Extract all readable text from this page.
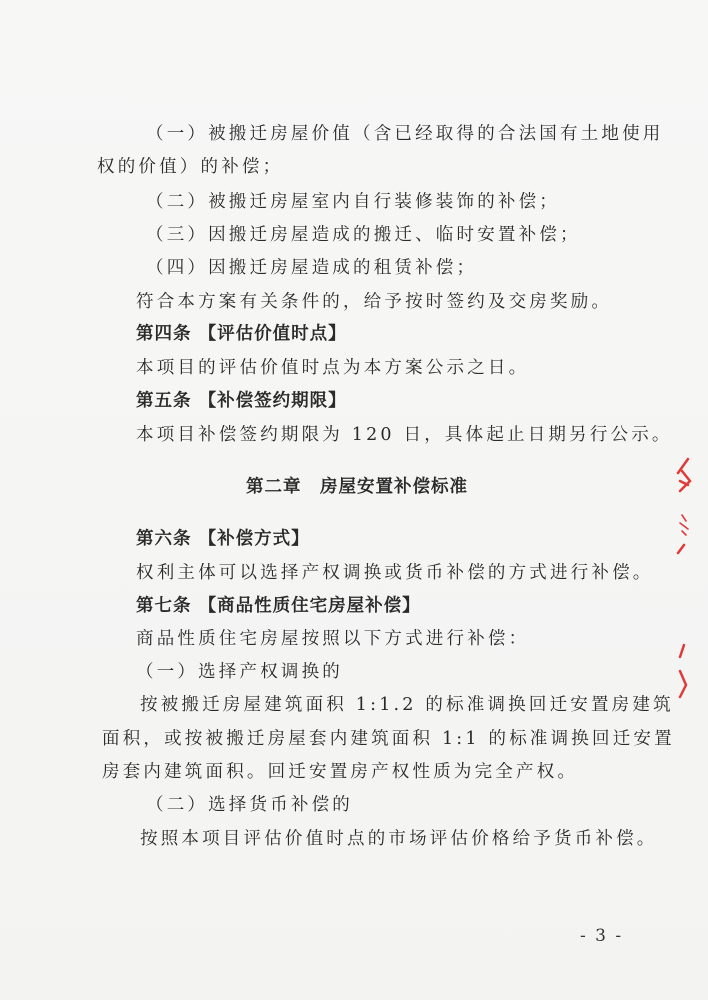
（一）被搬迁房屋价值（含已经取得的合法国有土地使用
权的价值）的补偿；
（二）被搬迁房屋室内自行装修装饰的补偿；
（三）因搬迁房屋造成的搬迁、临时安置补偿；
（四）因搬迁房屋造成的租赁补偿；
符合本方案有关条件的，给予按时签约及交房奖励。
第四条 【评估价值时点】
本项目的评估价值时点为本方案公示之日。
第五条 【补偿签约期限】
本项目补偿签约期限为 120 日，具体起止日期另行公示。
第二章　房屋安置补偿标准
第六条 【补偿方式】
权利主体可以选择产权调换或货币补偿的方式进行补偿。
第七条 【商品性质住宅房屋补偿】
商品性质住宅房屋按照以下方式进行补偿：
（一）选择产权调换的
按被搬迁房屋建筑面积 1:1.2 的标准调换回迁安置房建筑
面积，或按被搬迁房屋套内建筑面积 1:1 的标准调换回迁安置
房套内建筑面积。回迁安置房产权性质为完全产权。
（二）选择货币补偿的
按照本项目评估价值时点的市场评估价格给予货币补偿。
- 3 -
